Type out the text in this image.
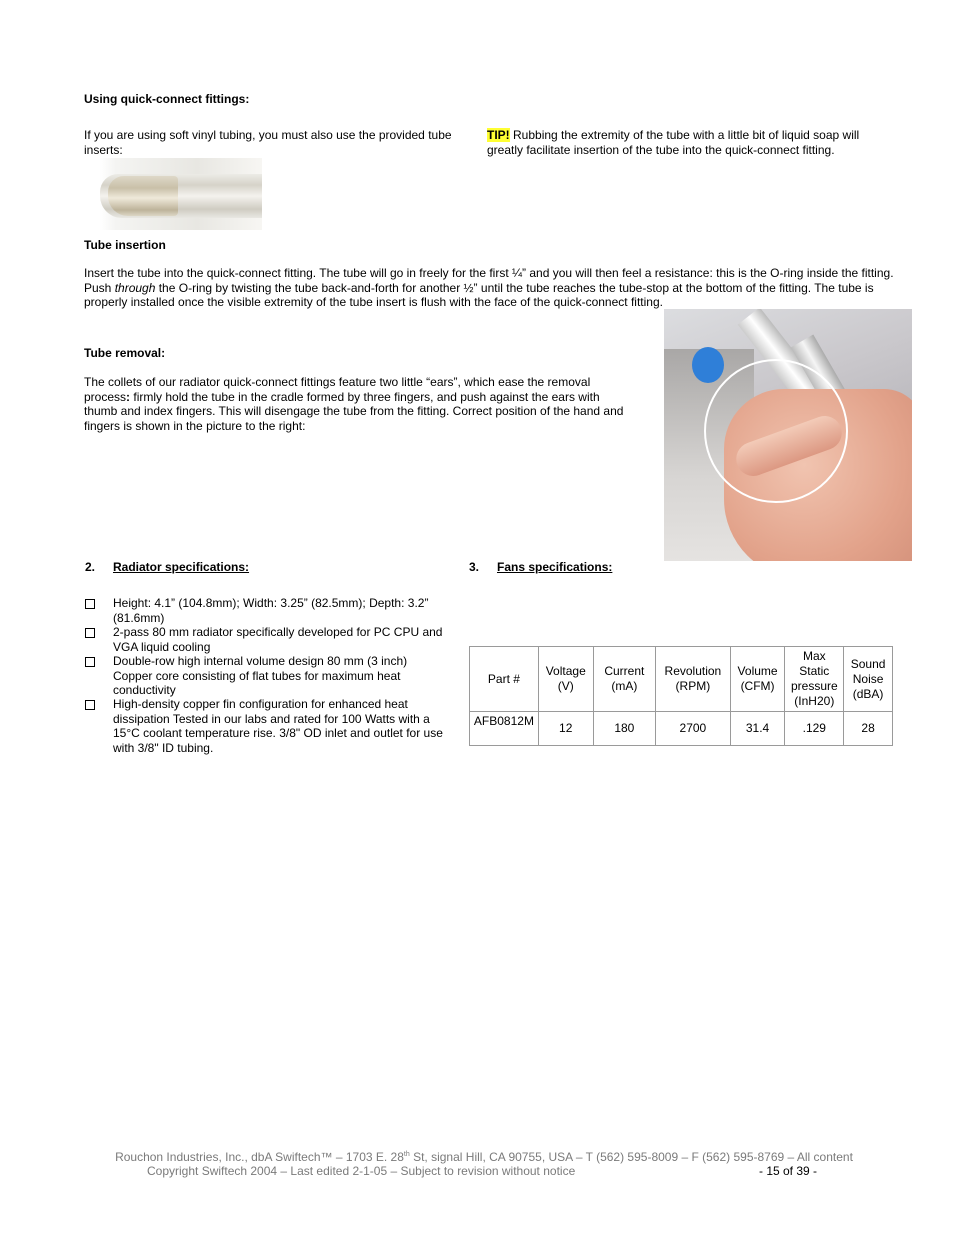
Using quick-connect fittings:

If you are using soft vinyl tubing, you must also use the provided tube inserts:

TIP! Rubbing the extremity of the tube with a little bit of liquid soap will greatly facilitate insertion of the tube into the quick-connect fitting.

Tube insertion

Insert the tube into the quick-connect fitting. The tube will go in freely for the first ¼” and you will then feel a resistance: this is the O-ring inside the fitting. Push through the O-ring by twisting the tube back-and-forth for another ½” until the tube reaches the tube-stop at the bottom of the fitting. The tube is properly installed once the visible extremity of the tube insert is flush with the face of the quick-connect fitting.

Tube removal:

The collets of our radiator quick-connect fittings feature two little “ears”, which ease the removal process: firmly hold the tube in the cradle formed by three fingers, and push against the ears with thumb and index fingers. This will disengage the tube from the fitting. Correct position of the hand and fingers is shown in the picture to the right:

2. Radiator specifications:

Height: 4.1” (104.8mm); Width: 3.25” (82.5mm); Depth: 3.2” (81.6mm)

2-pass 80 mm radiator specifically developed for PC CPU and VGA liquid cooling

Double-row high internal volume design 80 mm (3 inch) Copper core consisting of flat tubes for maximum heat conductivity

High-density copper fin configuration for enhanced heat dissipation Tested in our labs and rated for 100 Watts with a 15°C coolant temperature rise. 3/8" OD inlet and outlet for use with 3/8" ID tubing.

3. Fans specifications:
Part #	Voltage (V)	Current (mA)	Revolution (RPM)	Volume (CFM)	Max Static pressure (InH20)	Sound Noise (dBA)
AFB0812M	12	180	2700	31.4	.129	28
Rouchon Industries, Inc., dbA Swiftech™ – 1703 E. 28th St, signal Hill, CA 90755, USA – T (562) 595-8009 – F (562) 595-8769 – All content
Copyright Swiftech 2004 – Last edited 2-1-05 – Subject to revision without notice	- 15 of 39 -
